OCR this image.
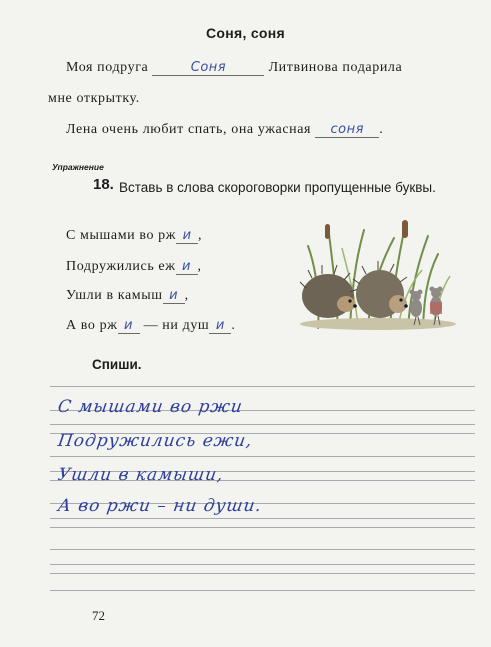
Соня, соня
Моя подруга	Соня	Литвинова подарила
мне открытку.
Лена очень любит спать, она ужасная соня .
Упражнение
18. Вставь в слова скороговорки пропущенные буквы.
С мышами во рж и ,
Подружились еж и ,
Ушли в камыш и ,
А во рж и — ни душ и .
Спиши.
С мышами во ржи
Подружились ежи,
Ушли в камыши,
А во ржи – ни души.
72
